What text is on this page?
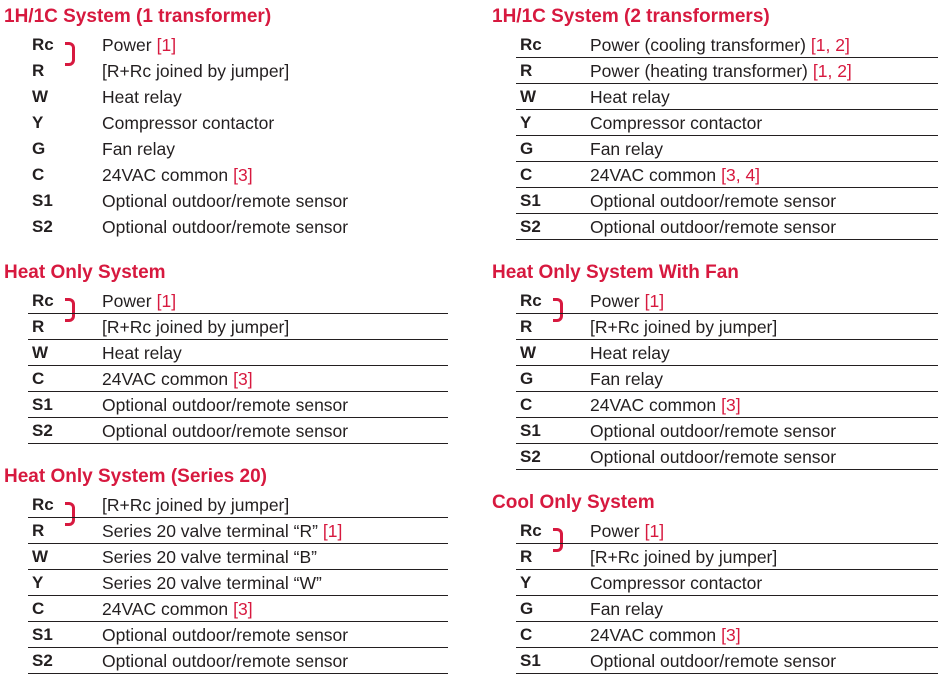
1H/1C System (1 transformer)
Rc	Power [1]
R	[R+Rc joined by jumper]
W	Heat relay
Y	Compressor contactor
G	Fan relay
C	24VAC common [3]
S1	Optional outdoor/remote sensor
S2	Optional outdoor/remote sensor
1H/1C System (2 transformers)
Rc	Power (cooling transformer) [1, 2]
R	Power (heating transformer) [1, 2]
W	Heat relay
Y	Compressor contactor
G	Fan relay
C	24VAC common [3, 4]
S1	Optional outdoor/remote sensor
S2	Optional outdoor/remote sensor
Heat Only System
Rc	Power [1]
R	[R+Rc joined by jumper]
W	Heat relay
C	24VAC common [3]
S1	Optional outdoor/remote sensor
S2	Optional outdoor/remote sensor
Heat Only System With Fan
Rc	Power [1]
R	[R+Rc joined by jumper]
W	Heat relay
G	Fan relay
C	24VAC common [3]
S1	Optional outdoor/remote sensor
S2	Optional outdoor/remote sensor
Heat Only System (Series 20)
Rc	[R+Rc joined by jumper]
R	Series 20 valve terminal “R” [1]
W	Series 20 valve terminal “B”
Y	Series 20 valve terminal “W”
C	24VAC common [3]
S1	Optional outdoor/remote sensor
S2	Optional outdoor/remote sensor
Cool Only System
Rc	Power [1]
R	[R+Rc joined by jumper]
Y	Compressor contactor
G	Fan relay
C	24VAC common [3]
S1	Optional outdoor/remote sensor
